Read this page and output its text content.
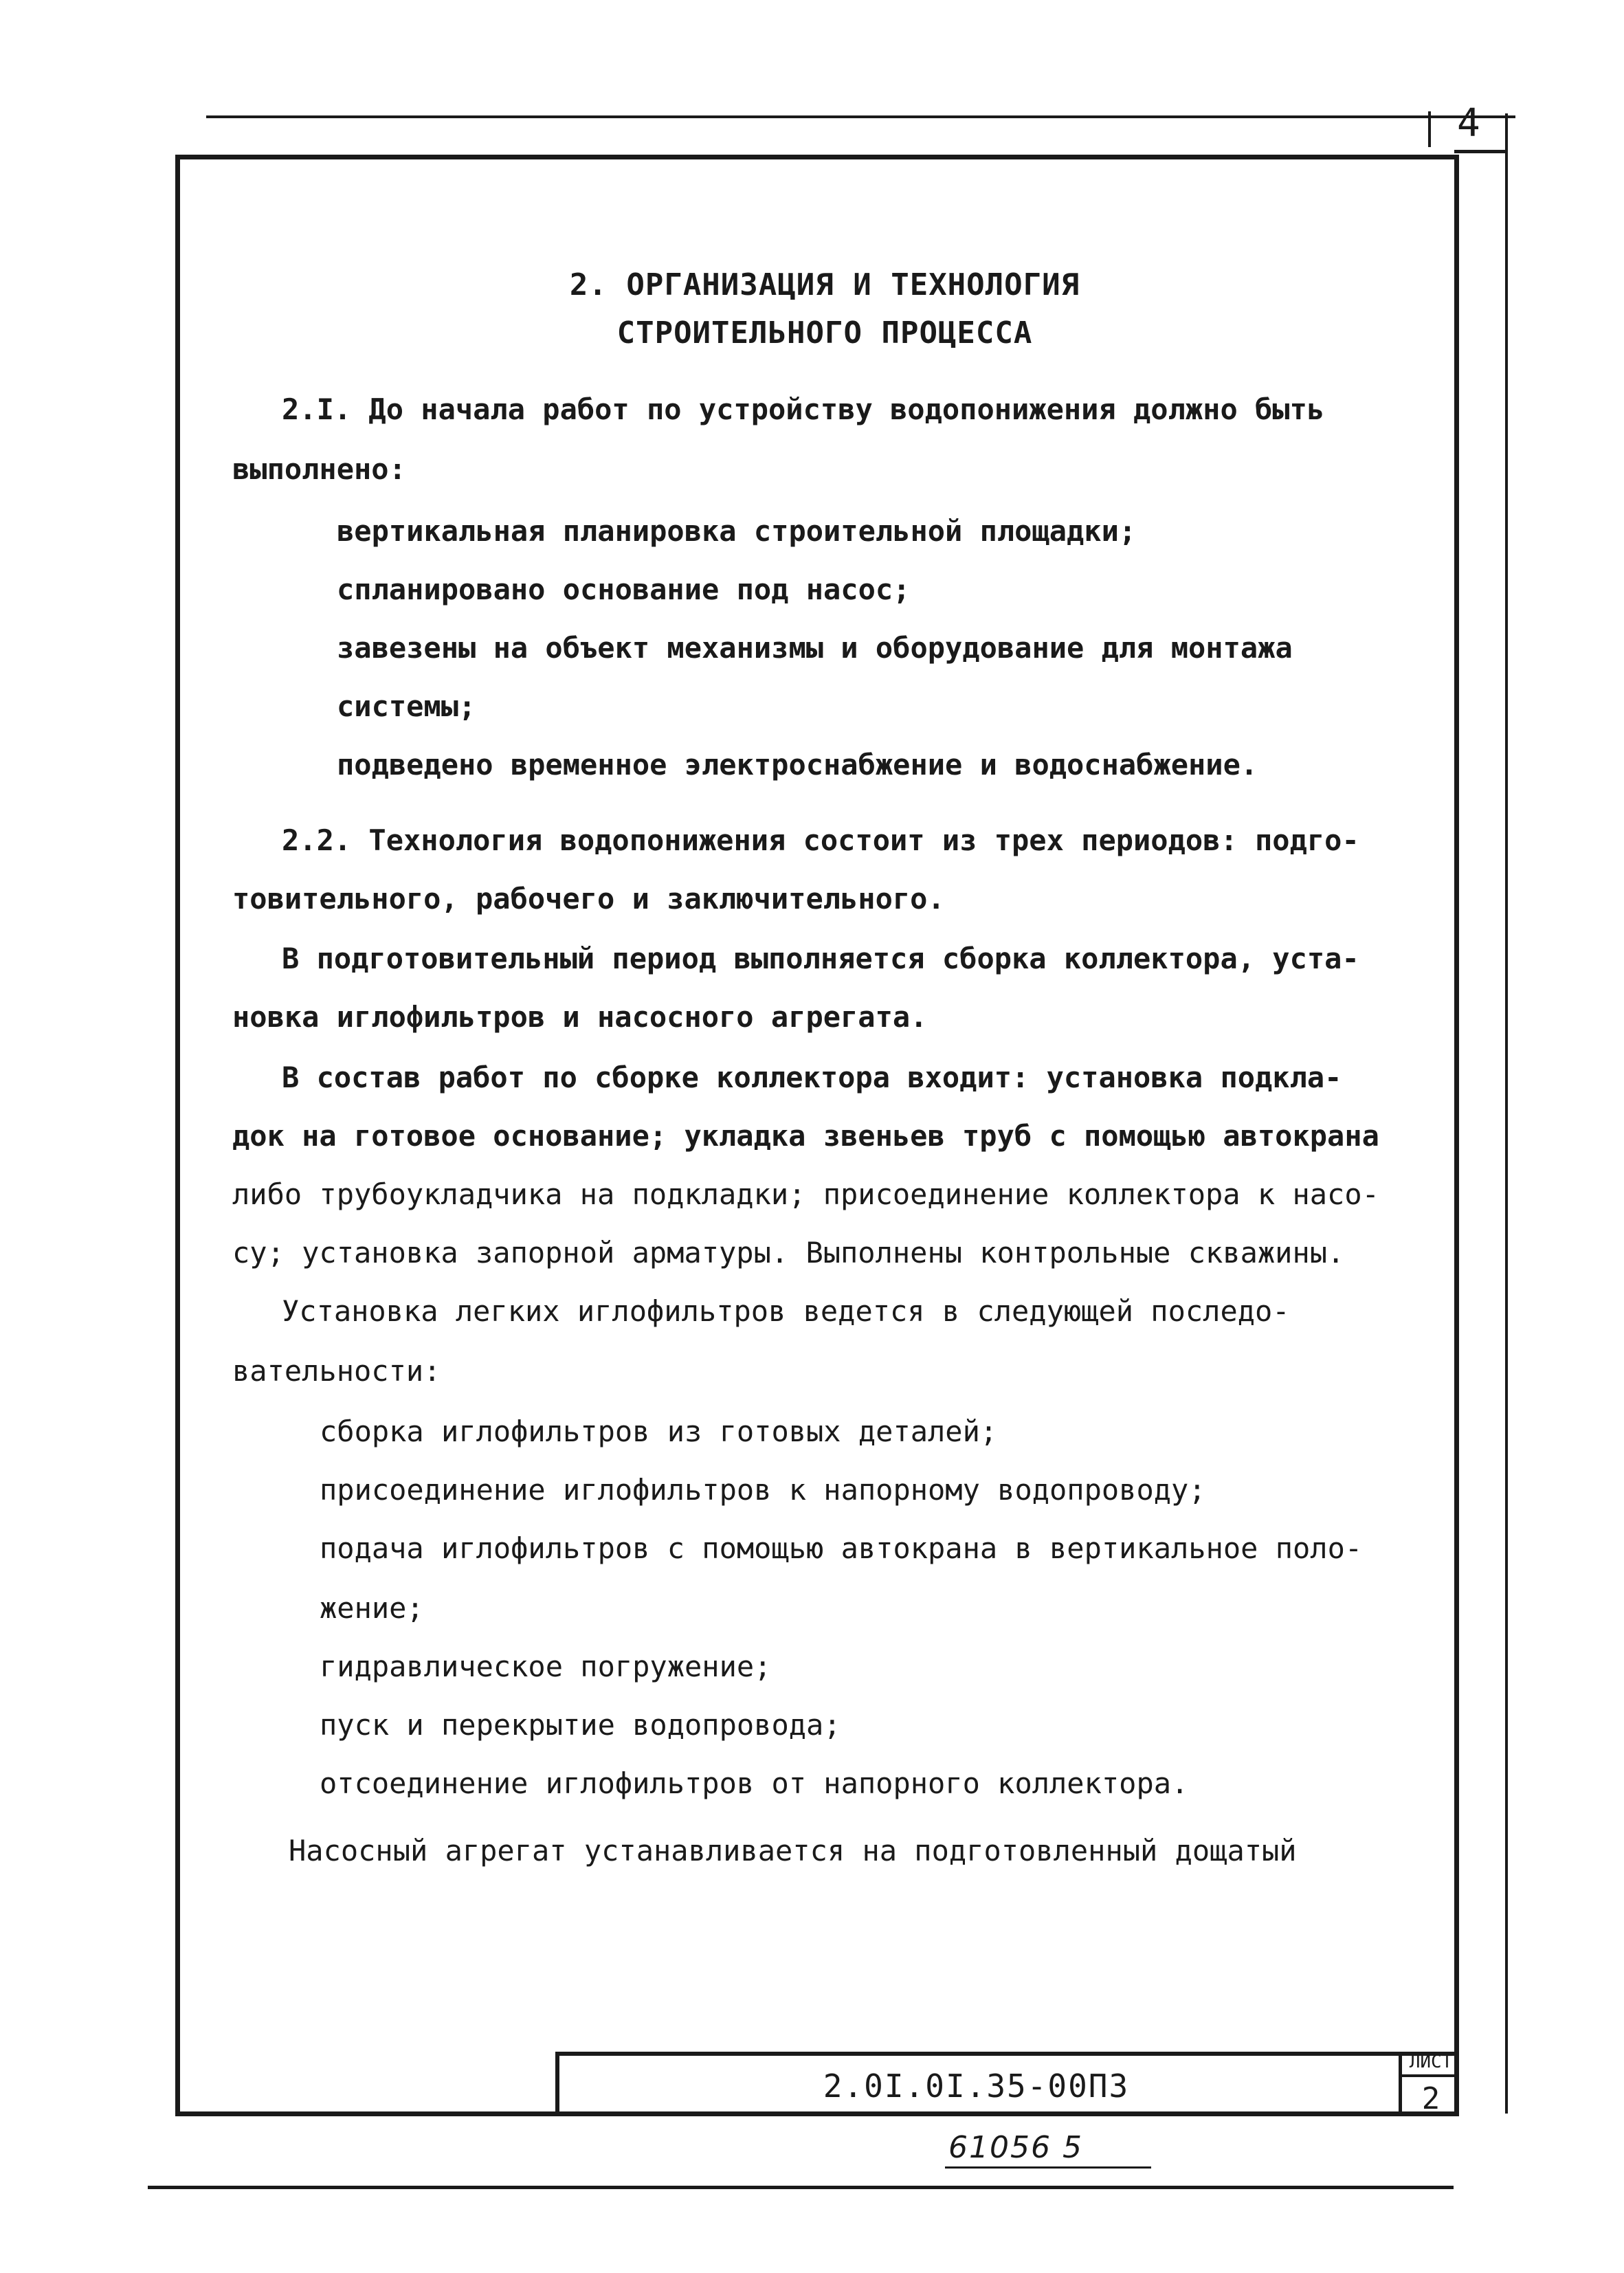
4
2. ОРГАНИЗАЦИЯ И ТЕХНОЛОГИЯ
СТРОИТЕЛЬНОГО ПРОЦЕССА
2.I. До начала работ по устройству водопонижения должно быть
выполнено:
вертикальная планировка строительной площадки;
спланировано основание под насос;
завезены на объект механизмы и оборудование для монтажа
системы;
подведено временное электроснабжение и водоснабжение.
2.2. Технология водопонижения состоит из трех периодов: подго-
товительного, рабочего и заключительного.
В подготовительный период выполняется сборка коллектора, уста-
новка иглофильтров и насосного агрегата.
В состав работ по сборке коллектора входит: установка подкла-
док на готовое основание; укладка звеньев труб с помощью автокрана
либо трубоукладчика на подкладки; присоединение коллектора к насо-
су; установка запорной арматуры. Выполнены контрольные скважины.
Установка легких иглофильтров ведется в следующей последо-
вательности:
сборка иглофильтров из готовых деталей;
присоединение иглофильтров к напорному водопроводу;
подача иглофильтров с помощью автокрана в вертикальное поло-
жение;
гидравлическое погружение;
пуск и перекрытие водопровода;
отсоединение иглофильтров от напорного коллектора.
Насосный агрегат устанавливается на подготовленный дощатый
2.0I.0I.35-00ПЗ
ЛИСТ
2
61056 5
